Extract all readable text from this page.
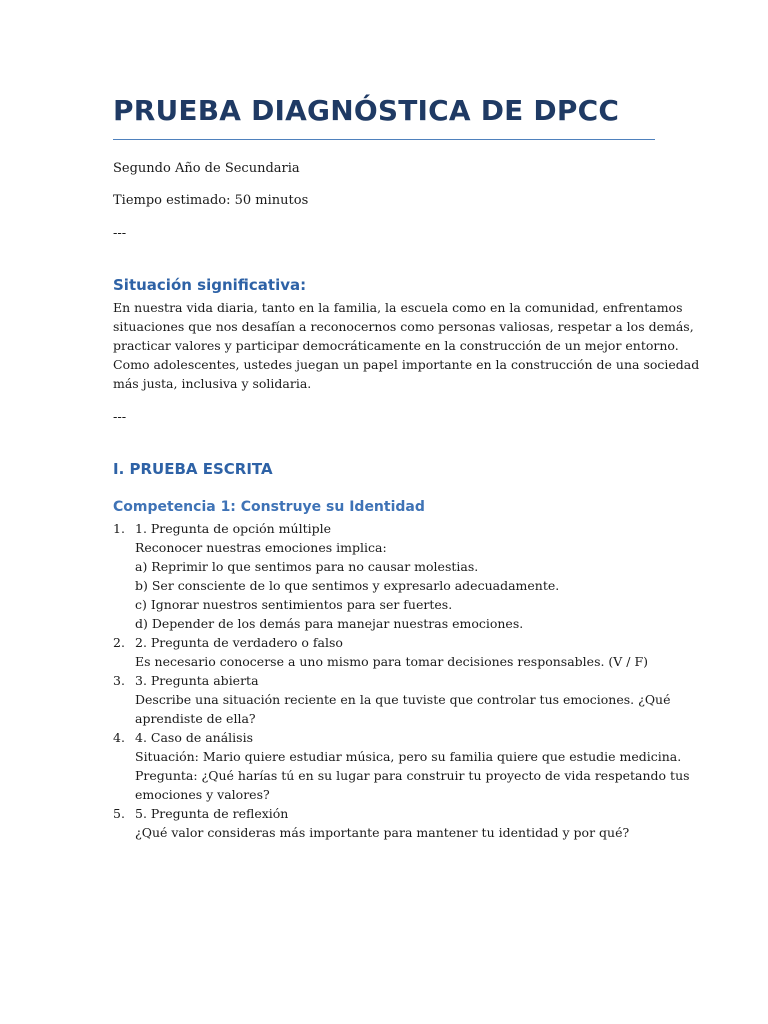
PRUEBA DIAGNÓSTICA DE DPCC

Segundo Año de Secundaria

Tiempo estimado: 50 minutos

---

Situación significativa:
En nuestra vida diaria, tanto en la familia, la escuela como en la comunidad, enfrentamos
situaciones que nos desafían a reconocernos como personas valiosas, respetar a los demás,
practicar valores y participar democráticamente en la construcción de un mejor entorno.
Como adolescentes, ustedes juegan un papel importante en la construcción de una sociedad
más justa, inclusiva y solidaria.

---

I. PRUEBA ESCRITA
Competencia 1: Construye su Identidad
1. 1. Pregunta de opción múltiple
Reconocer nuestras emociones implica:
a) Reprimir lo que sentimos para no causar molestias.
b) Ser consciente de lo que sentimos y expresarlo adecuadamente.
c) Ignorar nuestros sentimientos para ser fuertes.
d) Depender de los demás para manejar nuestras emociones.
2. 2. Pregunta de verdadero o falso
Es necesario conocerse a uno mismo para tomar decisiones responsables. (V / F)
3. 3. Pregunta abierta
Describe una situación reciente en la que tuviste que controlar tus emociones. ¿Qué
aprendiste de ella?
4. 4. Caso de análisis
Situación: Mario quiere estudiar música, pero su familia quiere que estudie medicina.
Pregunta: ¿Qué harías tú en su lugar para construir tu proyecto de vida respetando tus
emociones y valores?
5. 5. Pregunta de reflexión
¿Qué valor consideras más importante para mantener tu identidad y por qué?
